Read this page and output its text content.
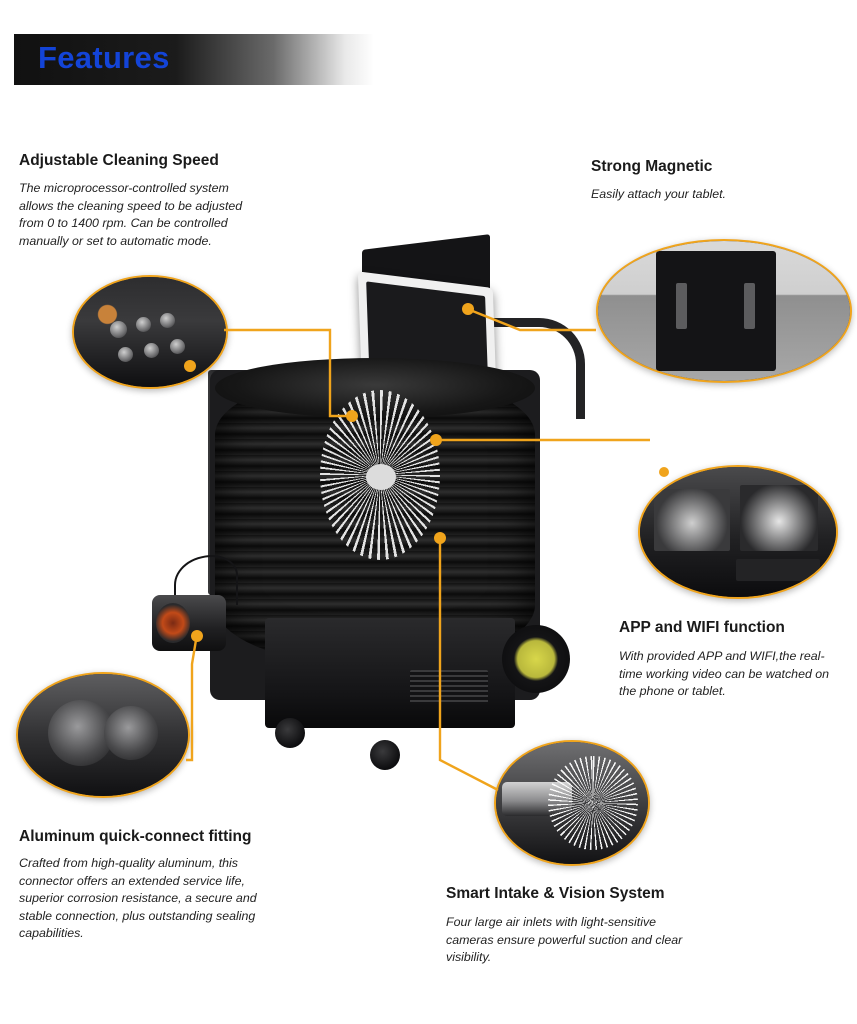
Features
Adjustable Cleaning Speed
The microprocessor-controlled system allows the cleaning speed to be adjusted from 0 to 1400 rpm. Can be controlled manually or set to automatic mode.
Strong Magnetic
Easily attach your tablet.
APP and WIFI function
With provided APP and WIFI,the real-time working video can be watched on the phone or tablet.
Aluminum quick-connect fitting
Crafted from high-quality aluminum, this connector offers an extended service life, superior corrosion resistance, a secure and stable connection, plus outstanding sealing capabilities.
Smart Intake & Vision System
Four large air inlets with light-sensitive cameras ensure powerful suction and clear visibility.
